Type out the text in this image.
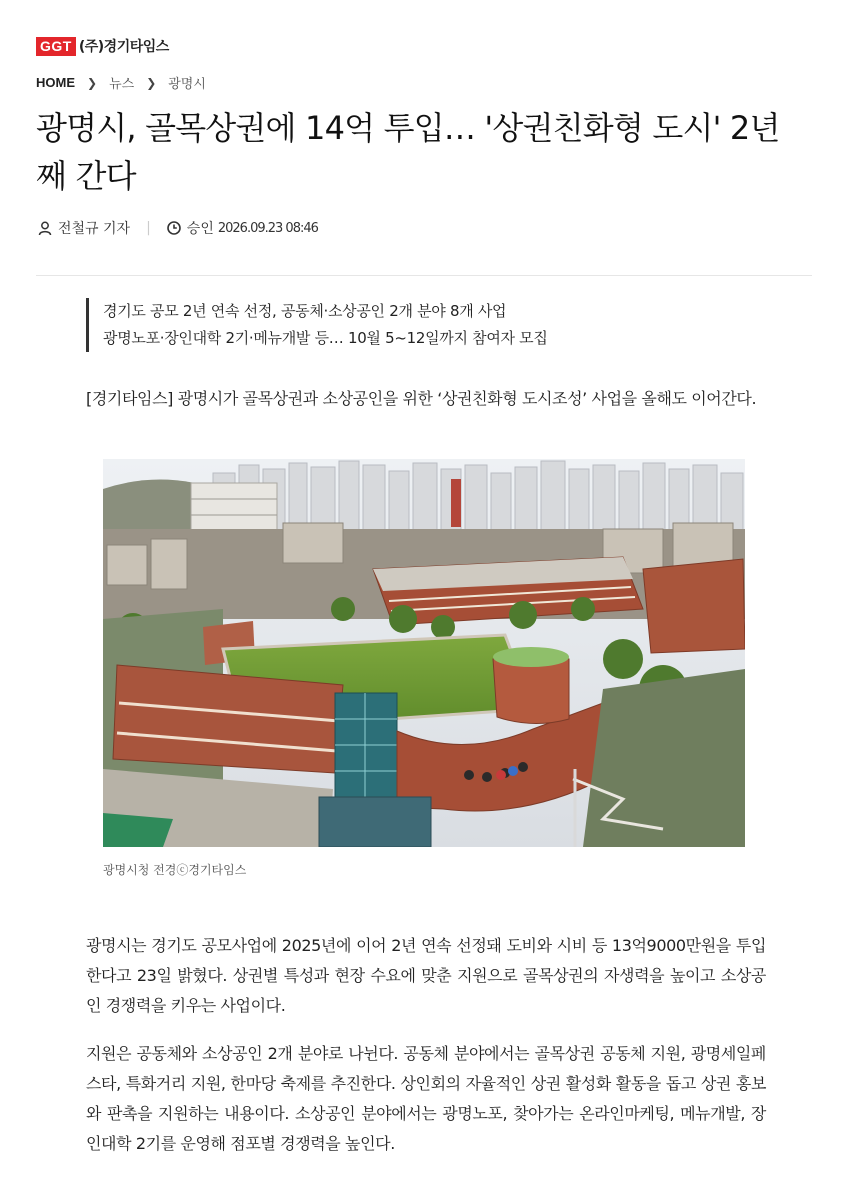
GGT (주)경기타임스
HOME ❯ 뉴스 ❯ 광명시
광명시, 골목상권에 14억 투입… '상권친화형 도시' 2년째 간다
전철규 기자 |	승인 2026.09.23 08:46
경기도 공모 2년 연속 선정, 공동체·소상공인 2개 분야 8개 사업
광명노포·장인대학 2기·메뉴개발 등… 10월 5~12일까지 참여자 모집

[경기타임스] 광명시가 골목상권과 소상공인을 위한 ‘상권친화형 도시조성’ 사업을 올해도 이어간다.

광명시청 전경ⓒ경기타임스

광명시는 경기도 공모사업에 2025년에 이어 2년 연속 선정돼 도비와 시비 등 13억9000만원을 투입한다고 23일 밝혔다. 상권별 특성과 현장 수요에 맞춘 지원으로 골목상권의 자생력을 높이고 소상공인 경쟁력을 키우는 사업이다.

지원은 공동체와 소상공인 2개 분야로 나뉜다. 공동체 분야에서는 골목상권 공동체 지원, 광명세일페스타, 특화거리 지원, 한마당 축제를 추진한다. 상인회의 자율적인 상권 활성화 활동을 돕고 상권 홍보와 판촉을 지원하는 내용이다. 소상공인 분야에서는 광명노포, 찾아가는 온라인마케팅, 메뉴개발, 장인대학 2기를 운영해 점포별 경쟁력을 높인다.
